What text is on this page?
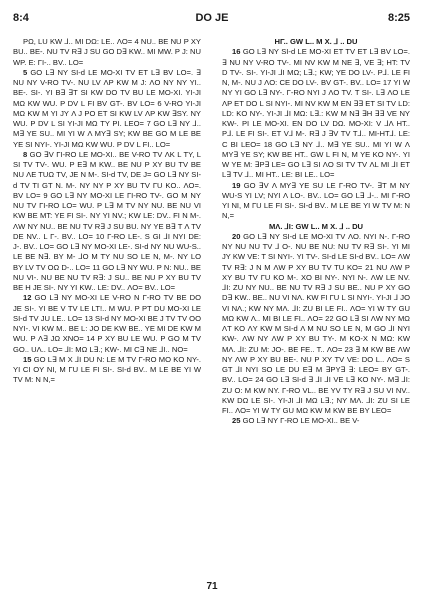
8:4	DO JE	8:25

PΩ, LU KW ⅃.. MI DΩ: LE.. ΛO= 4 NU.. BE NU P XY BU.. BE-. NU TV R∃ J SU GO D∃ KW.. MI MW. P J: NU WP. E: ΓI-.. BV.. LO=

5 GO L∃ NY SI-d LE MO-XI TV ET L∃ BV LO=. ∃ NU NY V-RO TV-. NU LV ΛP KW M J: ΛO NY NY YI.. BE-. SI-. YI B∃ ∃T SI KW DO TV BU LE MO-XI. YI-JI MΩ KW WU. P DV L FI BV GT-. BV LO= 6 V-RO YI-JI MΩ KW M YI JY Λ J PO ET SI KW LV ΛP KW ∃SY. NY WU. P DV L SI YI-JI MΩ TY PI. LEO= 7 GO L∃ NY ⅃.. M∃ YE SU.. MI YI W Λ MY∃ SY; KW BE GO M LE BE YE SI NYI-. YI-JI MΩ KW WU. P DV L FI.. LO=

8 GO ∃V ΓI-RO LE MO-XI.. BE V-RO TV ΛK L TY, L SI TV TV-. WU. P E∃ M KW.. BE NU P XY BU TV BE NU ΛE TUΩ TV, JE N M-. SI-d TV, DE J= GO L∃ NY SI-d TV TI GT N. M-. NY NY P XY BU TV ΓU KO.. ΛO=. BV LO= 9 GO L∃ NY MO-XI LE ΓI-RO TV-. GO M NY NU TV ΓI-RO LO= WU. P L∃ M TV NY NU. BE NU VI KW BE MT: YE FI SI-. NY YI NV.; KW LE: DV.. FI N M-. ΛW NY NU.. BE NU TV R∃ J SU BU. NY YE B∃ T Λ TV DE NV.. L Γ-. BV.. LO= 10 Γ-RO LE-. S GI ⅃I NYI DE: J-. BV.. LO= GO L∃ NY MO-XI LE-. SI-d NY NU WU-S.. LE BE N∃. BY M- ⅃O M TY NU SO LE N, M-. NY LO BY LV TV OΩ D-.. LO= 11 GO L∃ NY WU. P N: NU.. BE NU VI-. NU BE NU TV R∃: J SU.. BE NU P XY BU TV BE H JE SI-. NY YI KW.. LE: DV.. ΛO= BV.. LO=

12 GO L∃ NY MO-XI LE V-RO N Γ-RO TV BE DO JE SI-. YI BE V TV LE LT!.. M WU. P PT DU MO-XI LE SI-d TV JU LE.. LO= 13 SI-d NY MO-XI BE J TV TV OO NYI-. VI KW M.. BE L: JO DE KW BE.. YE MI DE KW M WU. P Λ∃ JΩ XNO= 14 P XY BU LE WU. P GO M TV GO.. UΛ.. LO= ⅃I: MΩ L∃.; KW-. MI C∃ NE ⅃I.. NO=

15 GO L∃ M X ⅃I DU N: LE M TV Γ-RO MO KO NY-. YI CI OY NI, M ΓU LE FI SI-. SI-d BV.. M LE BE YI W TV M: N N,=

HΓ.. GW L.. M X. ⅃ .. DU

16 GO L∃ NY SI-d LE MO-XI ET TV ET L∃ BV LO=. ∃ NU NY V-RO TV-. MI NV KW M NE ∃, VE ∃; HT: TV D TV-. SI-. YI-JI ⅃I MΩ; L∃.; KW; YE DO LV-. P⅃. LE FI N, M-. NU J ΛO: CE DO LV-. BV GT-. BV.. LO= 17 YI W NY YI GO L∃ NY-. Γ-RO NYI J ΛO TV. T SI-. L∃ ΛO LE ΛP ET DO L SI NYI-. MI NV KW M EN ∃∃ ET SI TV LD: LD: KO NY-. YI-JI ⅃I MΩ: L∃.: KW M N∃ ∃H ∃∃ VE NY KW-. PI LE MO-XI. EN DO LV DΩ. MO-XI: V ⅃Λ HT.. P⅃. LE FI SI-. ET V⅃ M-. R∃ J ∃V TV T⅃.. MI-HT⅃. LE: C BI LEO= 18 GO L∃ NY ⅃.. M∃ YE SU.. MI YI W Λ MY∃ YE SY; KW BE HT.. GW L FI N, M YE KO NY-. YI W YE M: ∃P∃ LE= GO L∃ SI ΛO SI TV TV ΛL MI ⅃I ET L∃ TV ⅃.. MI HT.. LE: BI LE.. LO=

19 GO ∃V Λ MY∃ YE SU LE Γ-RO TV-. ∃T M NY WU-S YI LV; NYI Λ LO-. BV.. LO= GO L∃ ⅃-.. MI Γ-RO YI NI, M ΓU LE FI SI-. SI-d BV.. M LE BE YI W TV M: N N,=

MΛ. ⅃I: GW L.. M X. ⅃ .. DU

20 GO L∃ NY SI-d LE MO-XI TV ΛO. NYI N-. Γ-RO NY NU NU TV ⅃ O-. NU BE NU: NU TV R∃ SI-. YI MI JY KW VE: T SI NYI-. YI TV-. SI-d LE SI-d BV.. LO= ΛW TV R∃: J N M ΛW P XY BU TV TU KO= 21 NU ΛW P XY BU TV ΓU KO M-. XO BI NY-. NYI N-. ΛW LE NV. ⅃I: ZU NY NU.. BE NU TV R∃ J SU BE.. NU P XY GO D∃ KW.. BE.. NU VI NΛ. KW FI ΓU L SI NYI-. YI-JI ⅃ JO VI NΛ.; KW NY MΛ. ⅃I: ZU BI LE FI.. ΛO= YI W TY GU MΩ KW Λ.. MI BI LE FI.. ΛO= 22 GO L∃ SI ΛW NY MΩ ΛT KO ΛY KW M SI-d Λ M NU SO LE N, M GO ⅃I NYI KW-. ΛW NY ΛW P XY BU TY-. M KO-X N MΩ: KW MΛ. ⅃I: ZU M: JO-. BE FE.. T.. ΛO= 23 ∃ M KW BE ΛW NY ΛW P XY BU BE-. NU P XY TV VE: DO L.. ΛO= S GT ⅃I NYI SO LE DU E∃ M ∃PY∃ ∃: LEO= BY GT-. BV.. LO= 24 GO L∃ SI-d ∃ ⅃I ⅃I VE L∃ KO NY-. M∃ ⅃I: ZU O: M KW NY. Γ-RO VL.. BE YV TY R∃ J SU VI NV.. KW DΩ LE SI-. YI-JI ⅃I MΩ L∃.; NY MΛ. ⅃I: ZU SI LE FI.. ΛO= YI W TY GU MΩ KW M KW BE BY LEO=

25 GO L∃ NY Γ-RO LE MO-XI.. BE V-

71
